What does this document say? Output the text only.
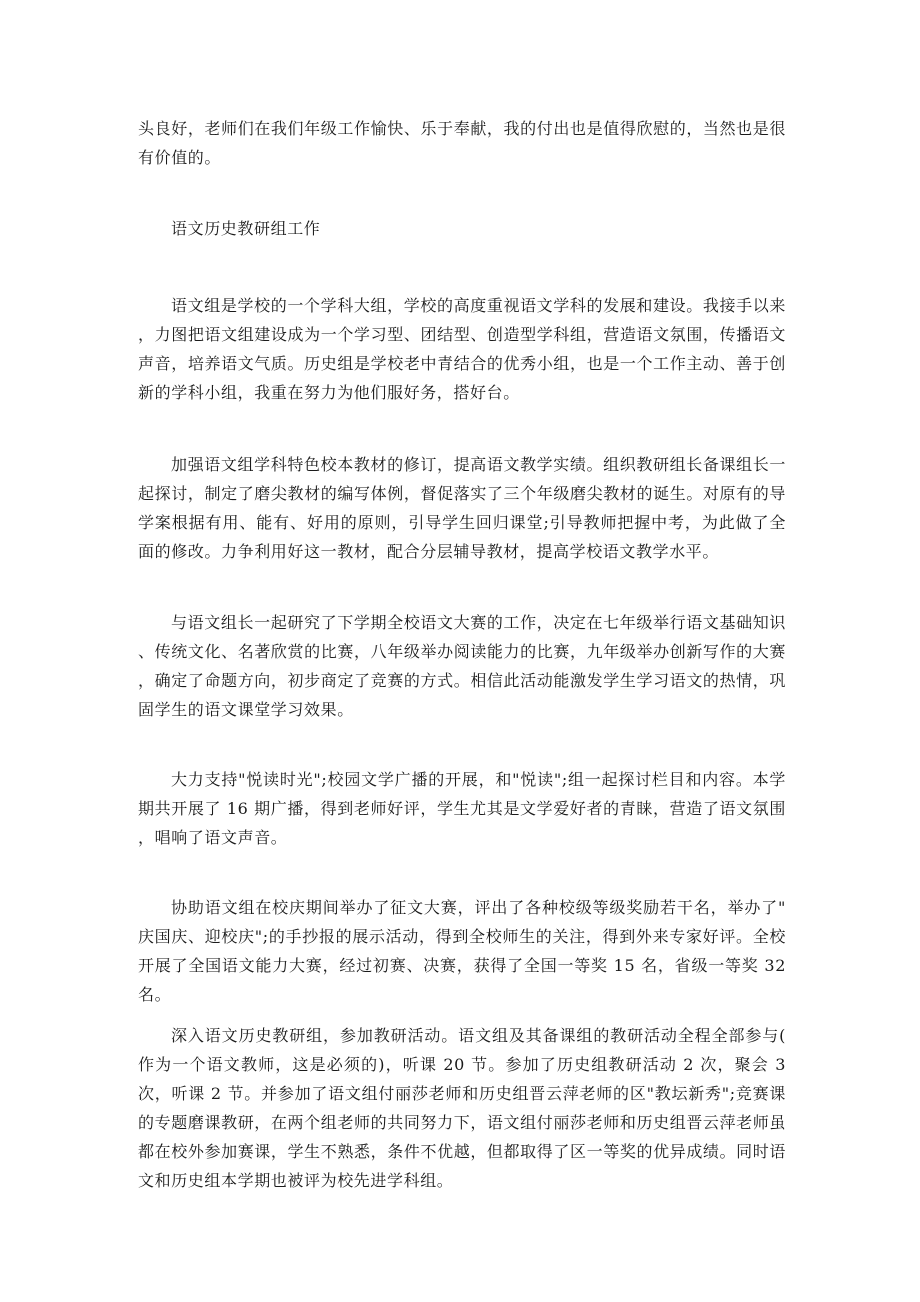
头良好，老师们在我们年级工作愉快、乐于奉献，我的付出也是值得欣慰的，当然也是很有价值的。

语文历史教研组工作

语文组是学校的一个学科大组，学校的高度重视语文学科的发展和建设。我接手以来，力图把语文组建设成为一个学习型、团结型、创造型学科组，营造语文氛围，传播语文声音，培养语文气质。历史组是学校老中青结合的优秀小组，也是一个工作主动、善于创新的学科小组，我重在努力为他们服好务，搭好台。

加强语文组学科特色校本教材的修订，提高语文教学实绩。组织教研组长备课组长一起探讨，制定了磨尖教材的编写体例，督促落实了三个年级磨尖教材的诞生。对原有的导学案根据有用、能有、好用的原则，引导学生回归课堂;引导教师把握中考，为此做了全面的修改。力争利用好这一教材，配合分层辅导教材，提高学校语文教学水平。

与语文组长一起研究了下学期全校语文大赛的工作，决定在七年级举行语文基础知识、传统文化、名著欣赏的比赛，八年级举办阅读能力的比赛，九年级举办创新写作的大赛，确定了命题方向，初步商定了竞赛的方式。相信此活动能激发学生学习语文的热情，巩固学生的语文课堂学习效果。

大力支持"悦读时光";校园文学广播的开展，和"悦读";组一起探讨栏目和内容。本学期共开展了 16 期广播，得到老师好评，学生尤其是文学爱好者的青睐，营造了语文氛围，唱响了语文声音。

协助语文组在校庆期间举办了征文大赛，评出了各种校级等级奖励若干名，举办了"庆国庆、迎校庆";的手抄报的展示活动，得到全校师生的关注，得到外来专家好评。全校开展了全国语文能力大赛，经过初赛、决赛，获得了全国一等奖 15 名，省级一等奖 32 名。

深入语文历史教研组，参加教研活动。语文组及其备课组的教研活动全程全部参与(作为一个语文教师，这是必须的)，听课 20 节。参加了历史组教研活动 2 次，聚会 3 次，听课 2 节。并参加了语文组付丽莎老师和历史组晋云萍老师的区"教坛新秀";竞赛课的专题磨课教研，在两个组老师的共同努力下，语文组付丽莎老师和历史组晋云萍老师虽都在校外参加赛课，学生不熟悉，条件不优越，但都取得了区一等奖的优异成绩。同时语文和历史组本学期也被评为校先进学科组。
